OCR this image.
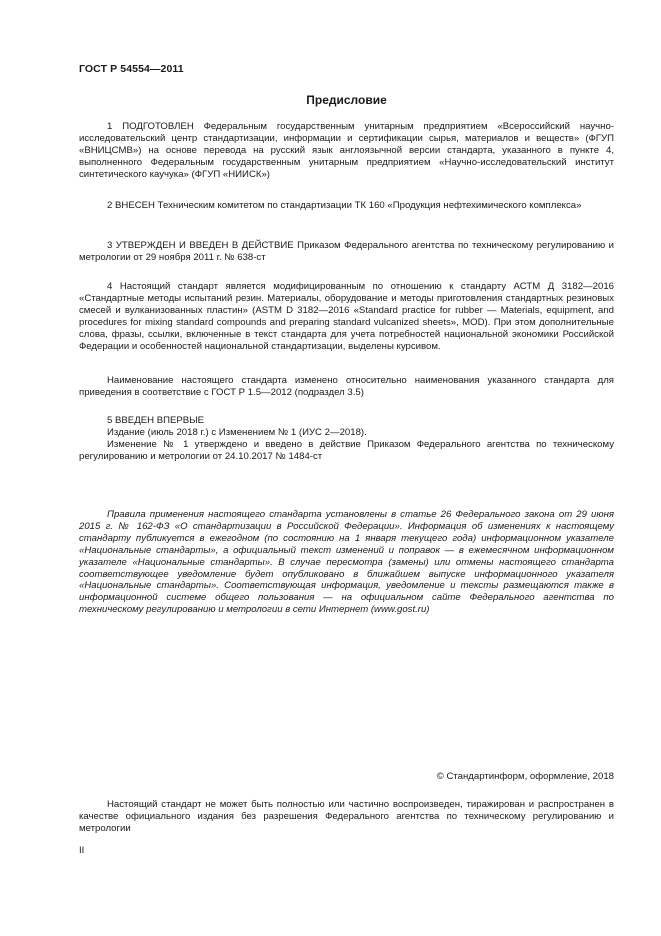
ГОСТ Р 54554—2011
Предисловие

1 ПОДГОТОВЛЕН Федеральным государственным унитарным предприятием «Всероссийский научно-исследовательский центр стандартизации, информации и сертификации сырья, материалов и веществ» (ФГУП «ВНИЦСМВ») на основе перевода на русский язык англоязычной версии стандарта, указанного в пункте 4, выполненного Федеральным государственным унитарным предприятием «Научно-исследовательский институт синтетического каучука» (ФГУП «НИИСК»)

2 ВНЕСЕН Техническим комитетом по стандартизации ТК 160 «Продукция нефтехимического комплекса»

3 УТВЕРЖДЕН И ВВЕДЕН В ДЕЙСТВИЕ Приказом Федерального агентства по техническому регулированию и метрологии от 29 ноября 2011 г. № 638-ст

4 Настоящий стандарт является модифицированным по отношению к стандарту АСТМ Д 3182—2016 «Стандартные методы испытаний резин. Материалы, оборудование и методы приготовления стандартных резиновых смесей и вулканизованных пластин» (ASTM D 3182—2016 «Standard practice for rubber — Materials, equipment, and procedures for mixing standard compounds and preparing standard vulcanized sheets», MOD). При этом дополнительные слова, фразы, ссылки, включенные в текст стандарта для учета потребностей национальной экономики Российской Федерации и особенностей национальной стандартизации, выделены курсивом.

Наименование настоящего стандарта изменено относительно наименования указанного стандарта для приведения в соответствие с ГОСТ Р 1.5—2012 (подраздел 3.5)

5 ВВЕДЕН ВПЕРВЫЕ

Издание (июль 2018 г.) с Изменением № 1 (ИУС 2—2018).

Изменение № 1 утверждено и введено в действие Приказом Федерального агентства по техническому регулированию и метрологии от 24.10.2017 № 1484-ст

Правила применения настоящего стандарта установлены в статье 26 Федерального закона от 29 июня 2015 г. № 162-ФЗ «О стандартизации в Российской Федерации». Информация об изменениях к настоящему стандарту публикуется в ежегодном (по состоянию на 1 января текущего года) информационном указателе «Национальные стандарты», а официальный текст изменений и поправок — в ежемесячном информационном указателе «Национальные стандарты». В случае пересмотра (замены) или отмены настоящего стандарта соответствующее уведомление будет опубликовано в ближайшем выпуске информационного указателя «Национальные стандарты». Соответствующая информация, уведомление и тексты размещаются также в информационной системе общего пользования — на официальном сайте Федерального агентства по техническому регулированию и метрологии в сети Интернет (www.gost.ru)

© Стандартинформ, оформление, 2018

Настоящий стандарт не может быть полностью или частично воспроизведен, тиражирован и распространен в качестве официального издания без разрешения Федерального агентства по техническому регулированию и метрологии

II
